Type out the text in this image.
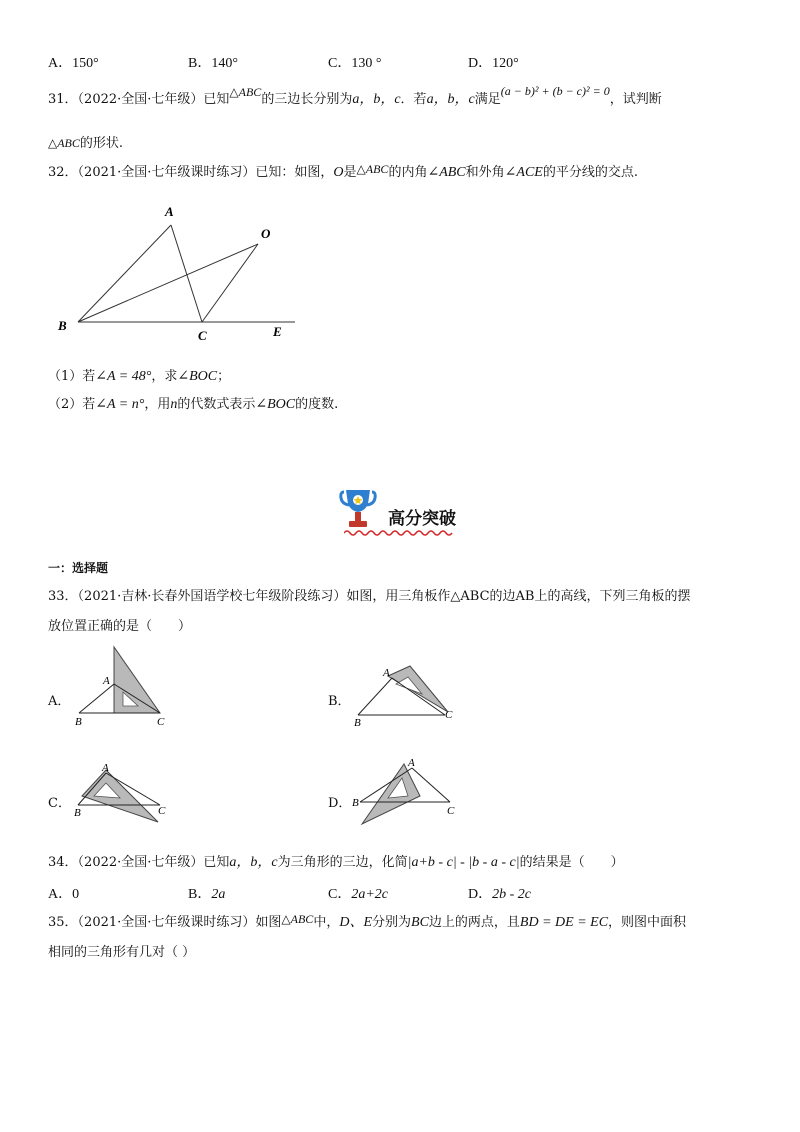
A．150°	B．140°	C．130 °	D．120°
31．（2022·全国·七年级）已知△ABC的三边长分别为a，b，c．若a，b，c满足(a − b)² + (b − c)² = 0，试判断
△ABC的形状.
32．（2021·全国·七年级课时练习）已知：如图，O是△ABC的内角∠ABC和外角∠ACE的平分线的交点.
A
B
C	E
O
（1）若∠A = 48°，求∠BOC；
（2）若∠A = n°，用n的代数式表示∠BOC的度数.
高分突破
一：选择题
33．（2021·吉林·长春外国语学校七年级阶段练习）如图，用三角板作△ABC的边AB上的高线，下列三角板的摆
放位置正确的是（　　）
A．
A
B	C
B．
A
B
C
C．
A
B	C	D．
A
B
C
34．（2022·全国·七年级）已知a，b，c为三角形的三边，化简|a+b - c| - |b - a - c|的结果是（　　）
A．0	B．2a	C．2a+2c	D．2b - 2c
35．（2021·全国·七年级课时练习）如图△ABC中，D、E分别为BC边上的两点，且BD = DE = EC，则图中面积
相同的三角形有几对（ ）
